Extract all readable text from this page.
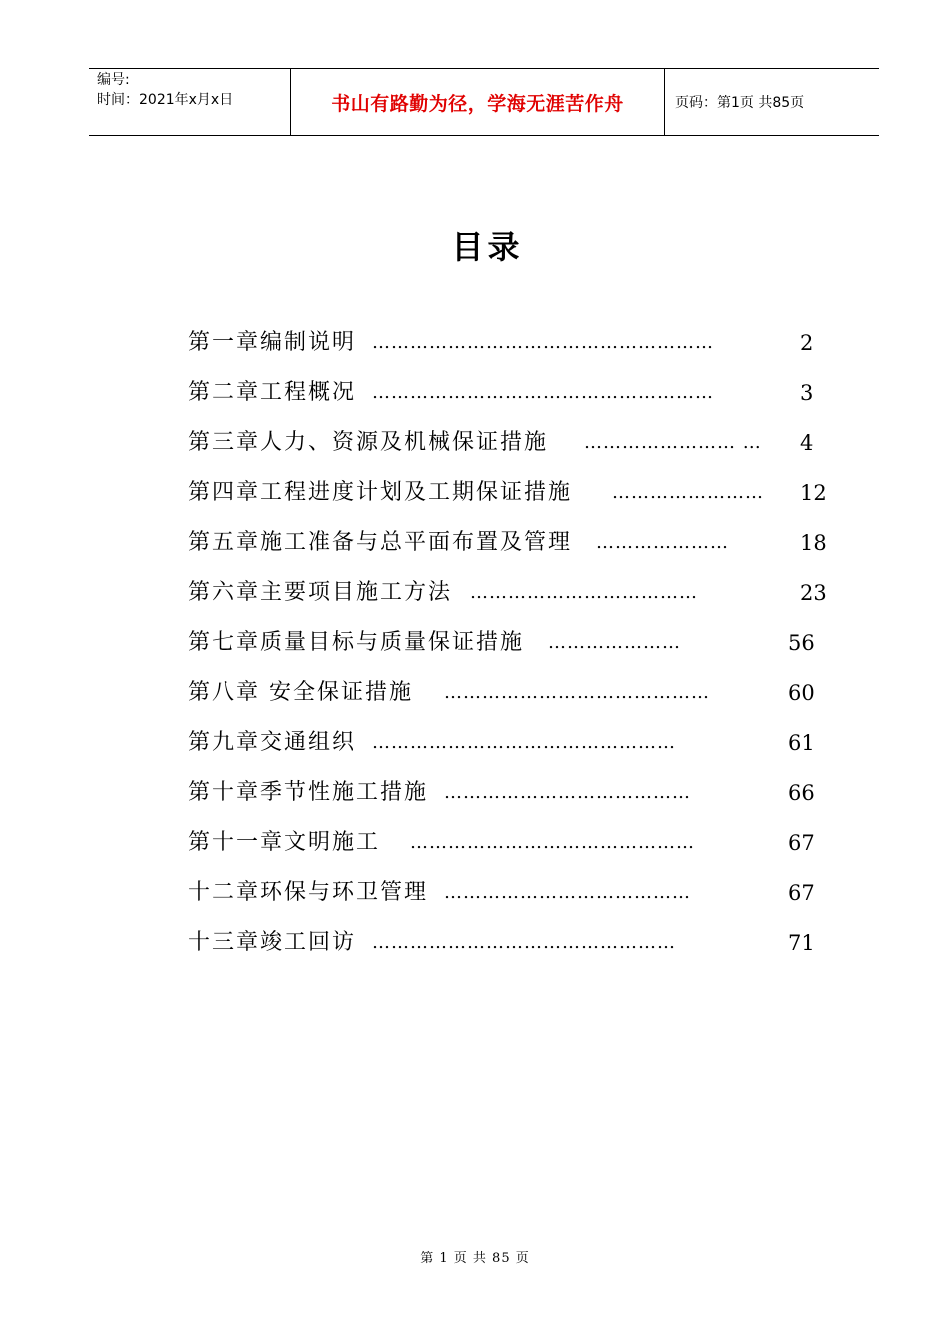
编号:
时间：2021年x月x日	书山有路勤为径，学海无涯苦作舟	页码：第1页 共85页
目录
………………………………………………
第一章编制说明	2
………………………………………………
第二章工程概况	3
…………………… …
第三章人力、资源及机械保证措施	4
……………………
第四章工程进度计划及工期保证措施	12
…………………
第五章施工准备与总平面布置及管理	18
………………………………
第六章主要项目施工方法	23
…………………
第七章质量目标与质量保证措施	56
……………………………………
第八章 安全保证措施	60
…………………………………………
第九章交通组织	61
…………………………………
第十章季节性施工措施	66
………………………………………
第十一章文明施工	67
…………………………………
十二章环保与环卫管理	67
…………………………………………
十三章竣工回访	71
第 1 页 共 85 页
